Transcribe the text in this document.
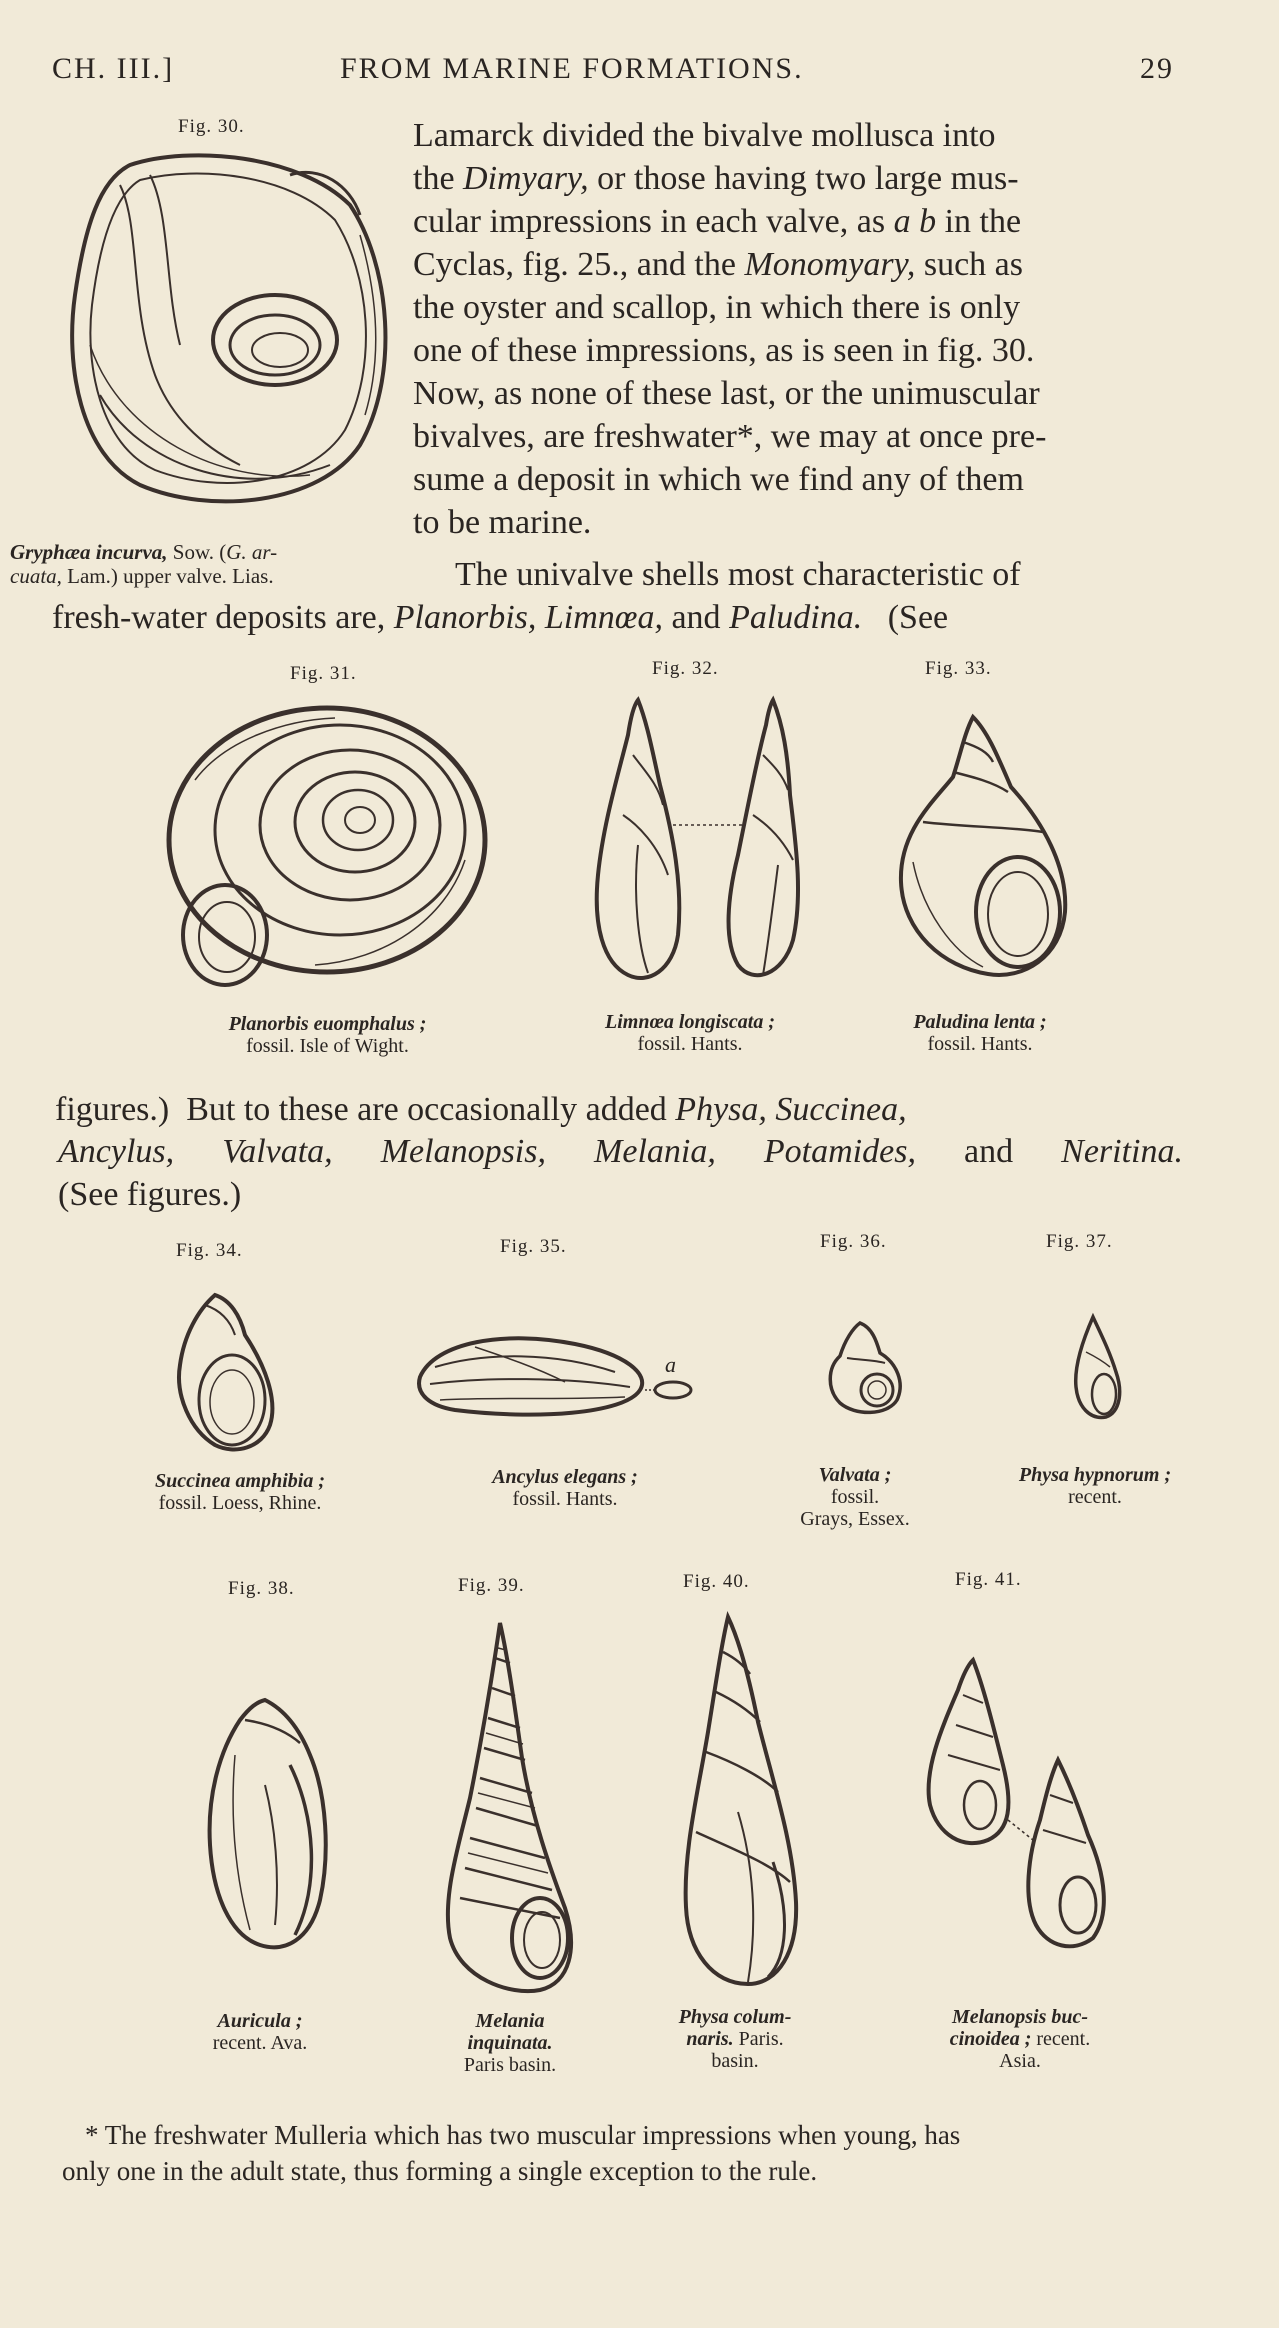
CH. III.]	FROM MARINE FORMATIONS.	29
Fig. 30.
Gryphæa incurva, Sow. (G. ar-
cuata, Lam.) upper valve. Lias.
Lamarck divided the bivalve mollusca into
the Dimyary, or those having two large mus-
cular impressions in each valve, as a b in the
Cyclas, fig. 25., and the Monomyary, such as
the oyster and scallop, in which there is only
one of these impressions, as is seen in fig. 30.
Now, as none of these last, or the unimuscular
bivalves, are freshwater*, we may at once pre-
sume a deposit in which we find any of them
to be marine.
The univalve shells most characteristic of
fresh-water deposits are, Planorbis, Limnœa, and Paludina.   (See
Fig. 31.	Fig. 32.	Fig. 33.
Planorbis euomphalus ;
fossil. Isle of Wight.
Limnœa longiscata ;
fossil. Hants.
Paludina lenta ;
fossil. Hants.
figures.)  But to these are occasionally added Physa, Succinea,
Ancylus, Valvata, Melanopsis, Melania, Potamides, and Neritina.
(See figures.)
Fig. 34.	Fig. 35.	Fig. 36.	Fig. 37.
a
Succinea amphibia ;
fossil. Loess, Rhine.
Ancylus elegans ;
fossil. Hants.
Valvata ;
fossil.
Grays, Essex.
Physa hypnorum ;
recent.
Fig. 38.	Fig. 39.	Fig. 40.	Fig. 41.
Auricula ;
recent. Ava.
Melania
inquinata.
Paris basin.
Physa colum-
naris. Paris.
basin.
Melanopsis buc-
cinoidea ; recent.
Asia.
* The freshwater Mulleria which has two muscular impressions when young, has
only one in the adult state, thus forming a single exception to the rule.
